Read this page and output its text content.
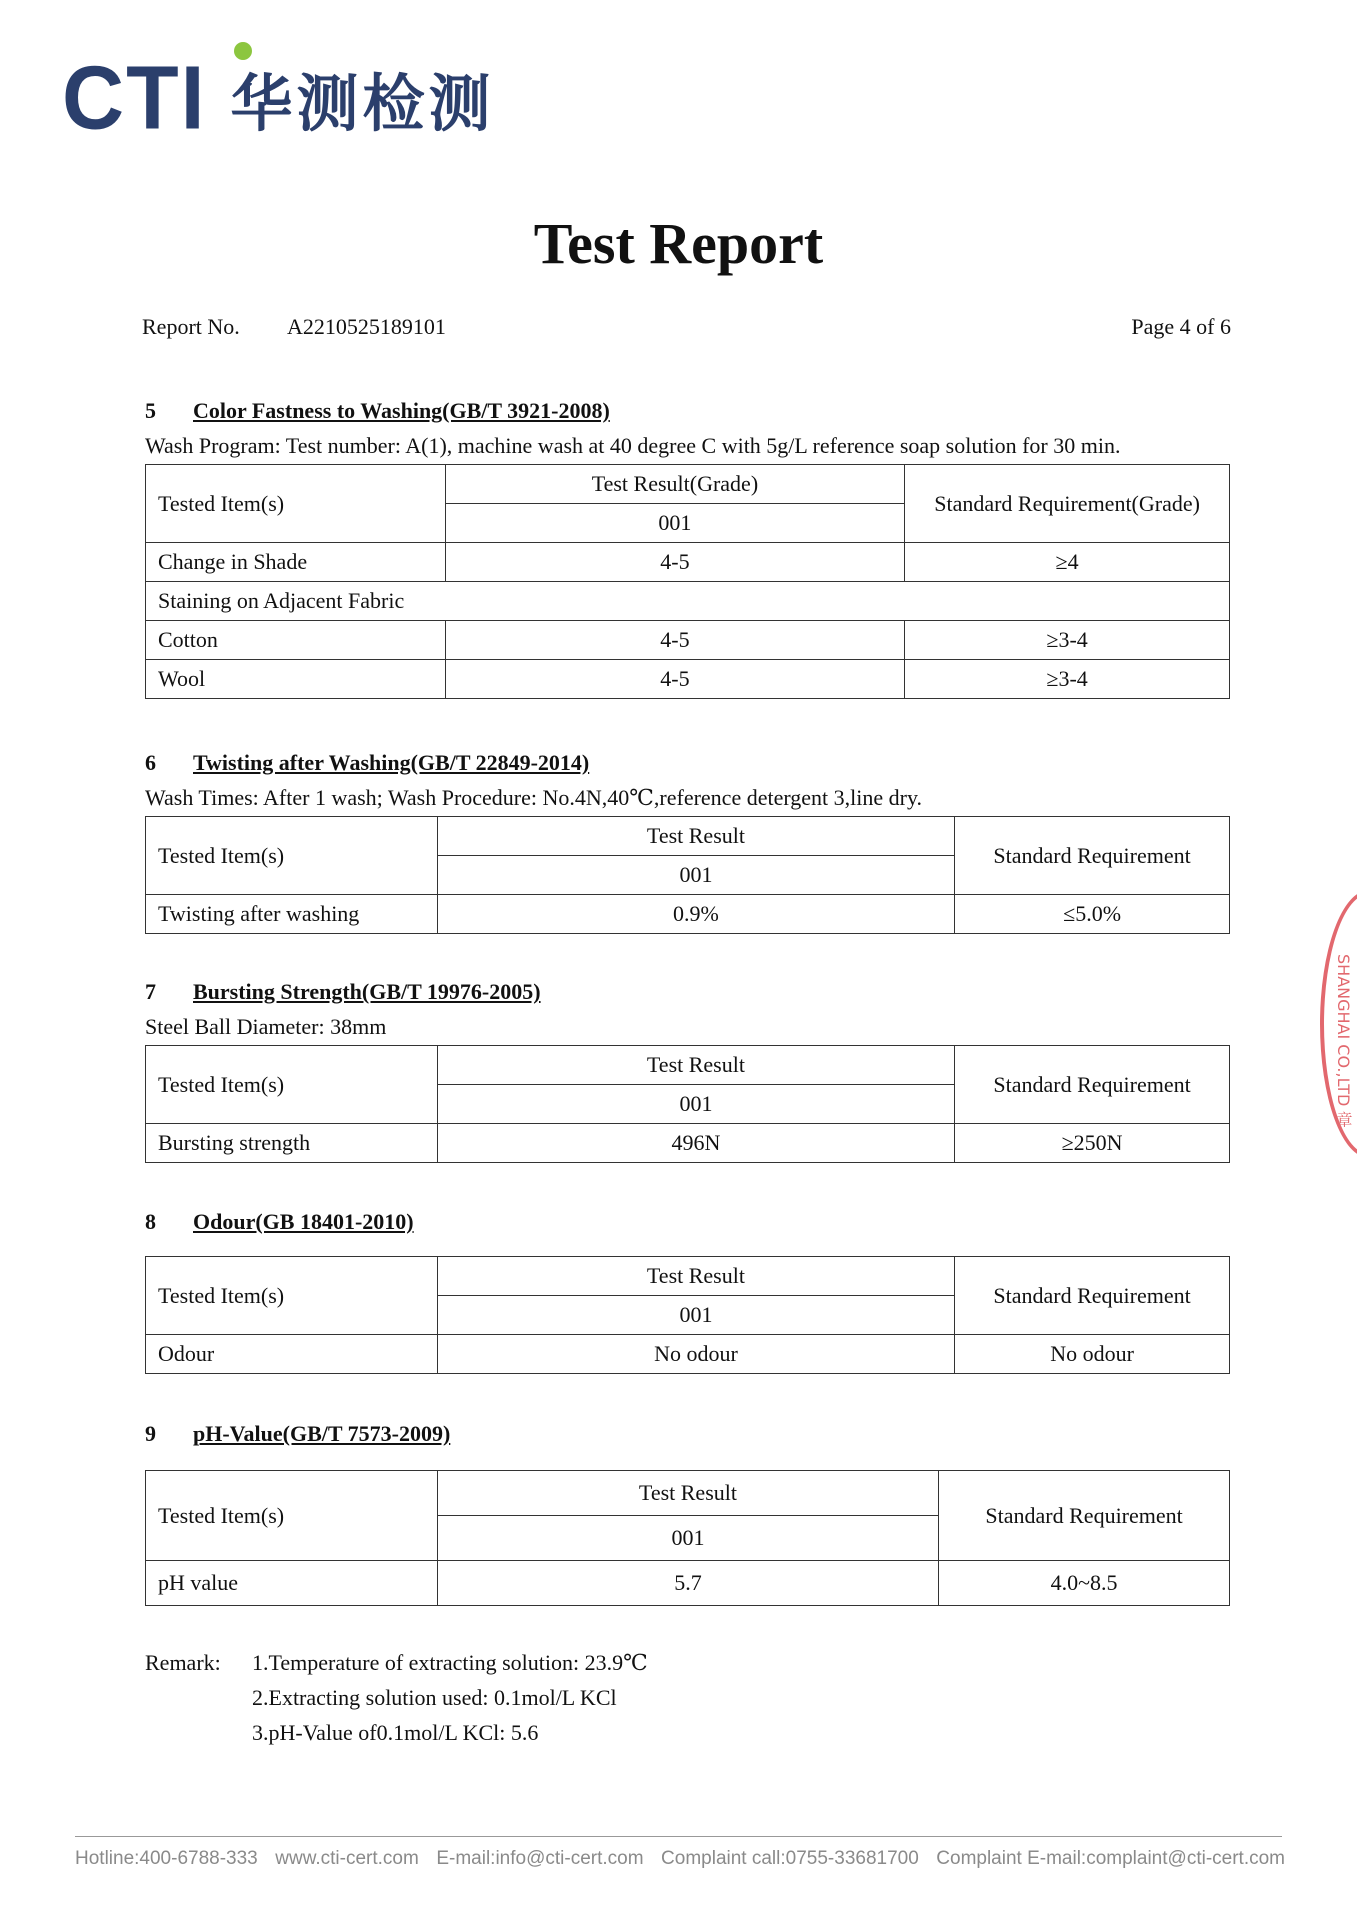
CTI 华测检测
Test Report
Report No. A2210525189101	Page 4 of 6
5 Color Fastness to Washing(GB/T 3921-2008)
Wash Program: Test number: A(1), machine wash at 40 degree C with 5g/L reference soap solution for 30 min.
Tested Item(s)	Test Result(Grade)	Standard Requirement(Grade)
	001	
Change in Shade	4-5	≥4
Staining on Adjacent Fabric		
Cotton	4-5	≥3-4
Wool	4-5	≥3-4
6 Twisting after Washing(GB/T 22849-2014)
Wash Times: After 1 wash; Wash Procedure: No.4N,40℃,reference detergent 3,line dry.
Tested Item(s)	Test Result	Standard Requirement
	001	
Twisting after washing	0.9%	≤5.0%
7 Bursting Strength(GB/T 19976-2005)
Steel Ball Diameter: 38mm
Tested Item(s)	Test Result	Standard Requirement
	001	
Bursting strength	496N	≥250N
8 Odour(GB 18401-2010)
Tested Item(s)	Test Result	Standard Requirement
	001	
Odour	No odour	No odour
9 pH-Value(GB/T 7573-2009)
Tested Item(s)	Test Result	Standard Requirement
	001	
pH value	5.7	4.0~8.5
Remark: 1.Temperature of extracting solution: 23.9℃
2.Extracting solution used: 0.1mol/L KCl
3.pH-Value of0.1mol/L KCl: 5.6
SHANGHAI CO.,LTD 章
Hotline:400-6788-333 www.cti-cert.com E-mail:info@cti-cert.com Complaint call:0755-33681700 Complaint E-mail:complaint@cti-cert.com
